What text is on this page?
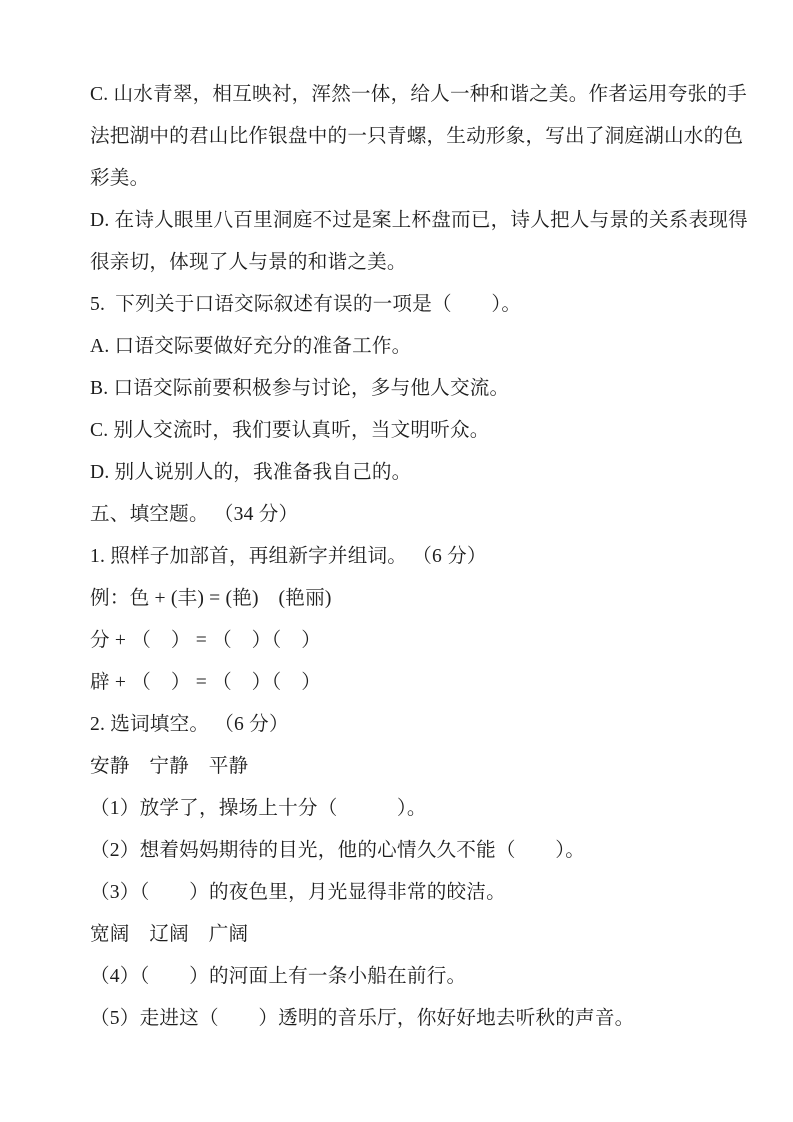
C. 山水青翠，相互映衬，浑然一体，给人一种和谐之美。作者运用夸张的手
法把湖中的君山比作银盘中的一只青螺，生动形象，写出了洞庭湖山水的色
彩美。
D. 在诗人眼里八百里洞庭不过是案上杯盘而已，诗人把人与景的关系表现得
很亲切，体现了人与景的和谐之美。
5.  下列关于口语交际叙述有误的一项是（　　）。
A. 口语交际要做好充分的准备工作。
B. 口语交际前要积极参与讨论，多与他人交流。
C. 别人交流时，我们要认真听，当文明听众。
D. 别人说别人的，我准备我自己的。
五、填空题。 （34 分）
1. 照样子加部首，再组新字并组词。 （6 分）
例：色 + (丰) = (艳)　(艳丽)
分 + （　） = （　）（　）
辟 + （　） = （　）（　）
2. 选词填空。 （6 分）
安静　宁静　平静
（1）放学了，操场上十分（　　　）。
（2）想着妈妈期待的目光，他的心情久久不能（　　）。
（3）（　　）的夜色里，月光显得非常的皎洁。
宽阔　辽阔　广阔
（4）（　　）的河面上有一条小船在前行。
（5）走进这（　　）透明的音乐厅，你好好地去听秋的声音。
